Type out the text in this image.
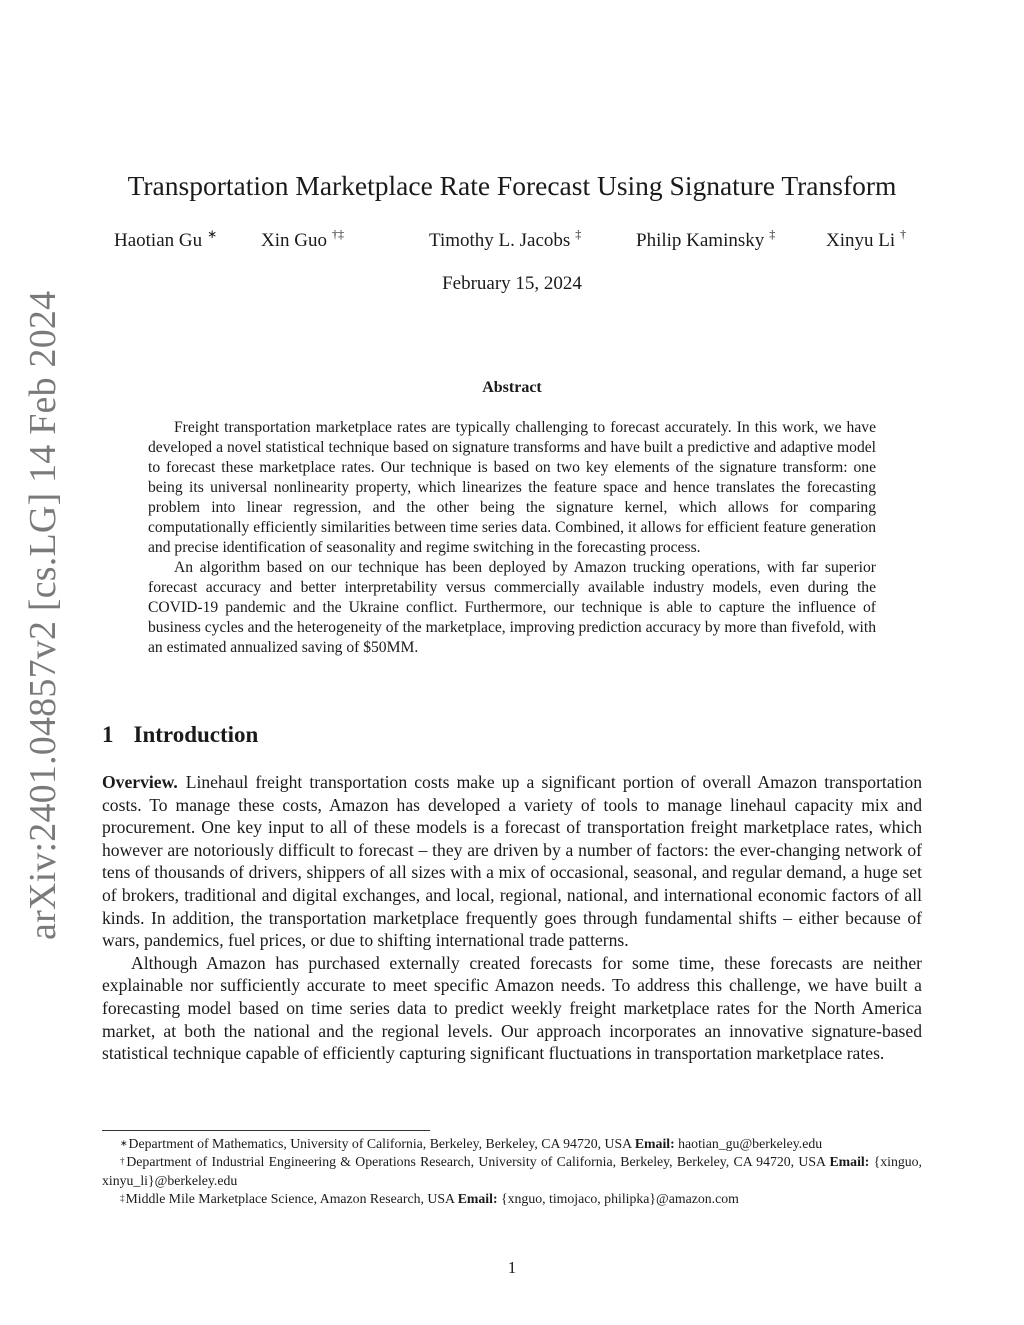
arXiv:2401.04857v2 [cs.LG] 14 Feb 2024
Transportation Marketplace Rate Forecast Using Signature Transform
Haotian Gu ∗ Xin Guo †‡	Timothy L. Jacobs ‡	Philip Kaminsky ‡	Xinyu Li †
February 15, 2024
Abstract

Freight transportation marketplace rates are typically challenging to forecast accurately. In this work, we have developed a novel statistical technique based on signature transforms and have built a predictive and adaptive model to forecast these marketplace rates. Our technique is based on two key elements of the signature transform: one being its universal nonlinearity property, which linearizes the feature space and hence translates the forecasting problem into linear regression, and the other being the signature kernel, which allows for comparing computationally efficiently similarities between time series data. Combined, it allows for efficient feature generation and precise identification of seasonality and regime switching in the forecasting process.

An algorithm based on our technique has been deployed by Amazon trucking operations, with far superior forecast accuracy and better interpretability versus commercially available industry models, even during the COVID-19 pandemic and the Ukraine conflict. Furthermore, our technique is able to capture the influence of business cycles and the heterogeneity of the marketplace, improving prediction accuracy by more than fivefold, with an estimated annualized saving of $50MM.

1 Introduction

Overview. Linehaul freight transportation costs make up a significant portion of overall Amazon transportation costs. To manage these costs, Amazon has developed a variety of tools to manage linehaul capacity mix and procurement. One key input to all of these models is a forecast of transportation freight marketplace rates, which however are notoriously difficult to forecast – they are driven by a number of factors: the ever-changing network of tens of thousands of drivers, shippers of all sizes with a mix of occasional, seasonal, and regular demand, a huge set of brokers, traditional and digital exchanges, and local, regional, national, and international economic factors of all kinds. In addition, the transportation marketplace frequently goes through fundamental shifts – either because of wars, pandemics, fuel prices, or due to shifting international trade patterns.

Although Amazon has purchased externally created forecasts for some time, these forecasts are neither explainable nor sufficiently accurate to meet specific Amazon needs. To address this challenge, we have built a forecasting model based on time series data to predict weekly freight marketplace rates for the North America market, at both the national and the regional levels. Our approach incorporates an innovative signature-based statistical technique capable of efficiently capturing significant fluctuations in transportation marketplace rates.

∗Department of Mathematics, University of California, Berkeley, Berkeley, CA 94720, USA Email: haotian_gu@berkeley.edu

†Department of Industrial Engineering & Operations Research, University of California, Berkeley, Berkeley, CA 94720, USA Email: {xinguo, xinyu_li}@berkeley.edu

‡Middle Mile Marketplace Science, Amazon Research, USA Email: {xnguo, timojaco, philipka}@amazon.com

1
